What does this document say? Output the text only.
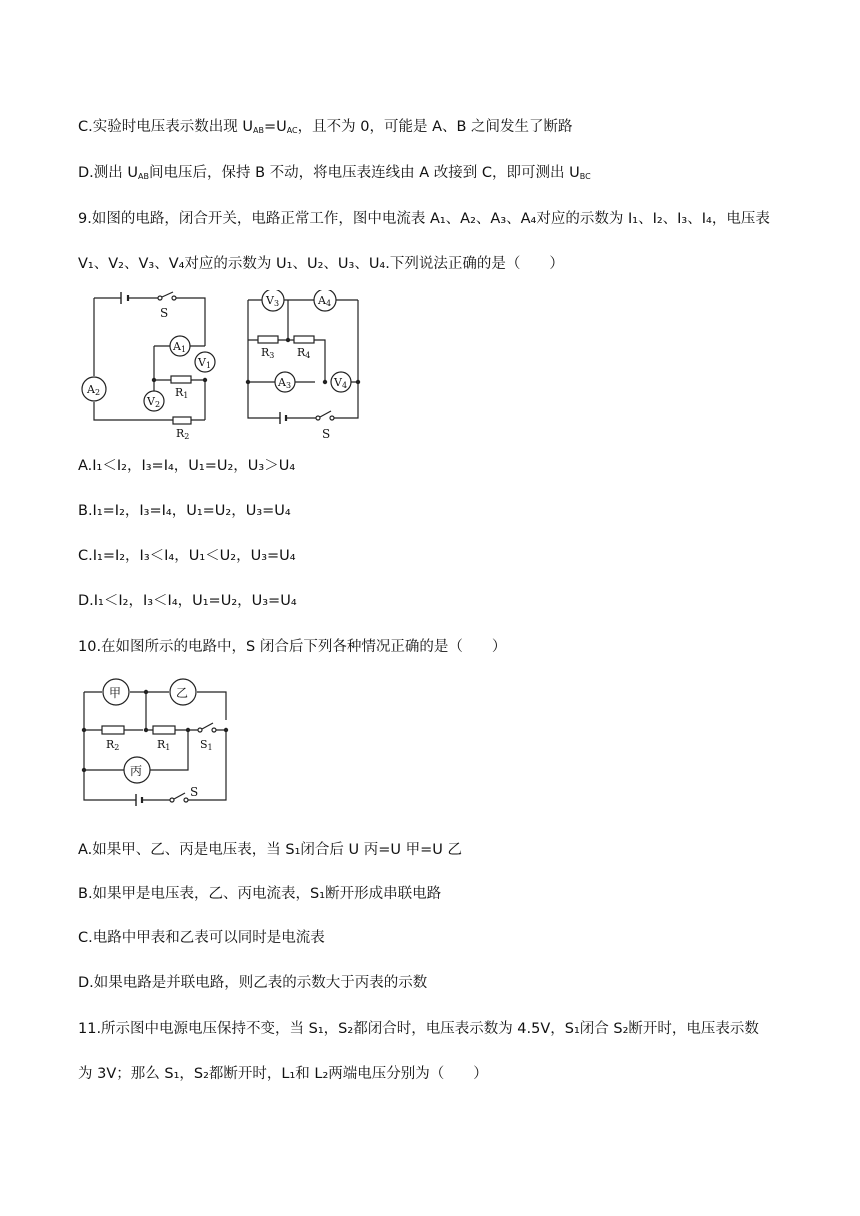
C.实验时电压表示数出现 $U_{AB}=U_{AC}$，且不为 0，可能是 A、B 之间发生了断路
D.测出 $U_{AB}$间电压后，保持 B 不动，将电压表连线由 A 改接到 C，即可测出 $U_{BC}$
9.如图的电路，闭合开关，电路正常工作，图中电流表 A₁、A₂、A₃、A₄对应的示数为 I₁、I₂、I₃、I₄，电压表
V₁、V₂、V₃、V₄对应的示数为 U₁、U₂、U₃、U₄.下列说法正确的是（　　）
S
A2
A1
V1
R1
V2
R2
V3	A4
R3 R4
A3	V4
S
A.I₁＜I₂，I₃=I₄，U₁=U₂，U₃＞U₄
B.I₁=I₂，I₃=I₄，U₁=U₂，U₃=U₄
C.I₁=I₂，I₃＜I₄，U₁＜U₂，U₃=U₄
D.I₁＜I₂，I₃＜I₄，U₁=U₂，U₃=U₄
10.在如图所示的电路中，S 闭合后下列各种情况正确的是（　　）
甲	乙
R2	R1	S1
丙
S
A.如果甲、乙、丙是电压表，当 S₁闭合后 U 丙=U 甲=U 乙
B.如果甲是电压表，乙、丙电流表，S₁断开形成串联电路
C.电路中甲表和乙表可以同时是电流表
D.如果电路是并联电路，则乙表的示数大于丙表的示数
11.所示图中电源电压保持不变，当 S₁，S₂都闭合时，电压表示数为 4.5V，S₁闭合 S₂断开时，电压表示数
为 3V；那么 S₁，S₂都断开时，L₁和 L₂两端电压分别为（　　）
